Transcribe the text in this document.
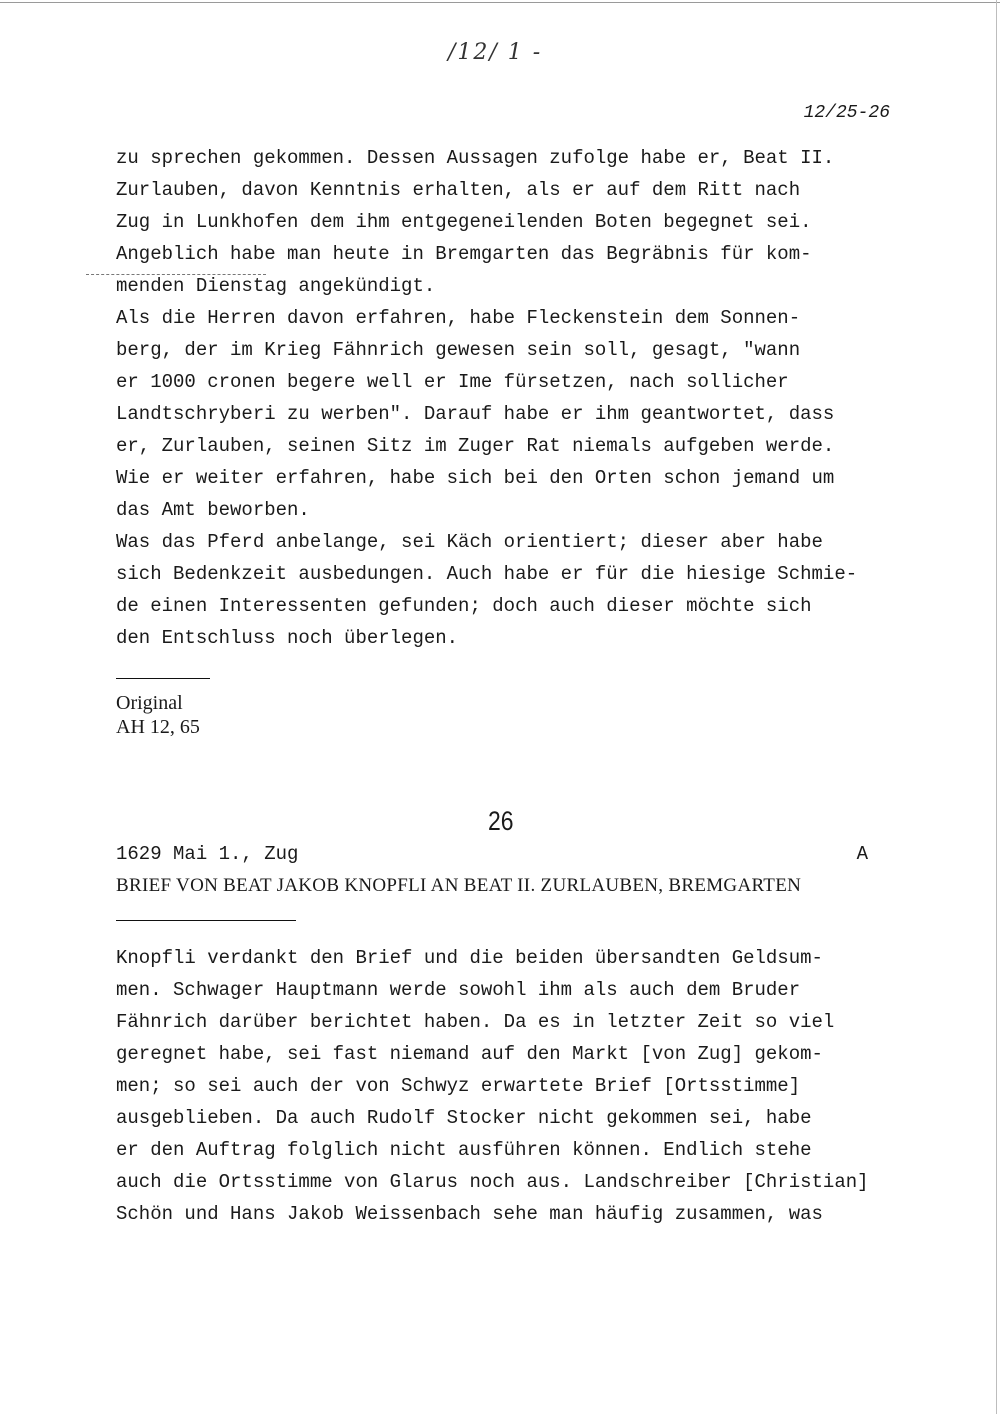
/12/ 1 -
12/25-26
zu sprechen gekommen. Dessen Aussagen zufolge habe er, Beat II.
Zurlauben, davon Kenntnis erhalten, als er auf dem Ritt nach
Zug in Lunkhofen dem ihm entgegeneilenden Boten begegnet sei.
Angeblich habe man heute in Bremgarten das Begräbnis für kom-
menden Dienstag angekündigt.
Als die Herren davon erfahren, habe Fleckenstein dem Sonnen-
berg, der im Krieg Fähnrich gewesen sein soll, gesagt, "wann
er 1000 cronen begere well er Ime fürsetzen, nach sollicher
Landtschryberi zu werben". Darauf habe er ihm geantwortet, dass
er, Zurlauben, seinen Sitz im Zuger Rat niemals aufgeben werde.
Wie er weiter erfahren, habe sich bei den Orten schon jemand um
das Amt beworben.
Was das Pferd anbelange, sei Käch orientiert; dieser aber habe
sich Bedenkzeit ausbedungen. Auch habe er für die hiesige Schmie-
de einen Interessenten gefunden; doch auch dieser möchte sich
den Entschluss noch überlegen.
Original
AH 12, 65
26
1629 Mai 1., Zug	A
BRIEF VON BEAT JAKOB KNOPFLI AN BEAT II. ZURLAUBEN, BREMGARTEN
Knopfli verdankt den Brief und die beiden übersandten Geldsum-
men. Schwager Hauptmann werde sowohl ihm als auch dem Bruder
Fähnrich darüber berichtet haben. Da es in letzter Zeit so viel
geregnet habe, sei fast niemand auf den Markt [von Zug] gekom-
men; so sei auch der von Schwyz erwartete Brief [Ortsstimme]
ausgeblieben. Da auch Rudolf Stocker nicht gekommen sei, habe
er den Auftrag folglich nicht ausführen können. Endlich stehe
auch die Ortsstimme von Glarus noch aus. Landschreiber [Christian]
Schön und Hans Jakob Weissenbach sehe man häufig zusammen, was
